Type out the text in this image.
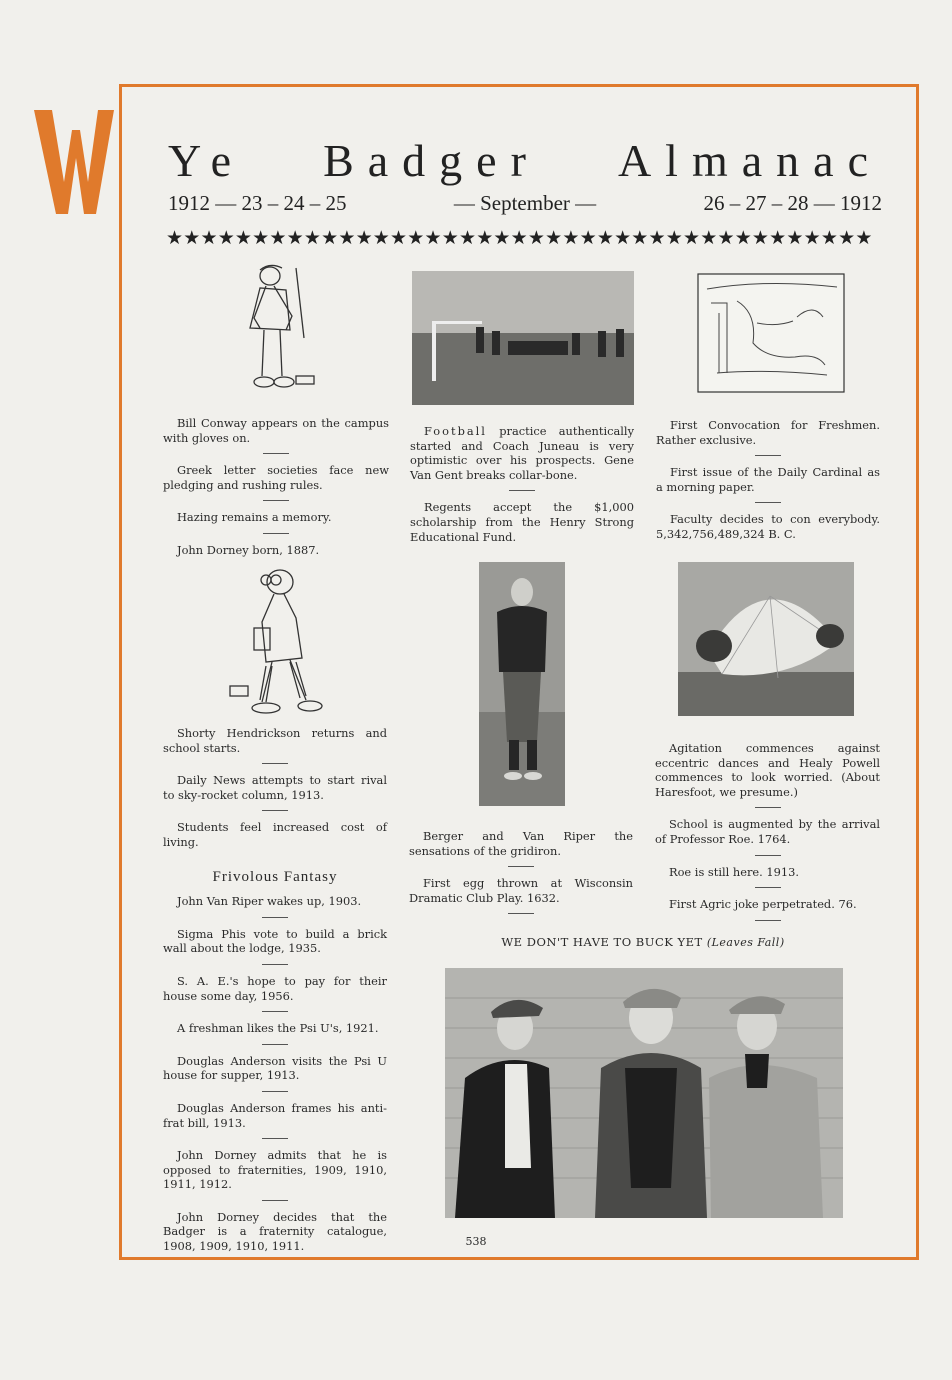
Ye Badger Almanac
1912 — 23 – 24 – 25	— September —	26 – 27 – 28 — 1912
★★★★★★★★★★★★★★★★★★★★★★★★★★★★★★★★★★★★★★★★★

Bill Conway appears on the campus with gloves on.

Greek letter societies face new pledging and rushing rules.

Hazing remains a memory.

John Dorney born, 1887.

Shorty Hendrickson returns and school starts.

Daily News attempts to start rival to sky-rocket column, 1913.

Students feel increased cost of living.

Frivolous Fantasy

John Van Riper wakes up, 1903.

Sigma Phis vote to build a brick wall about the lodge, 1935.

S. A. E.'s hope to pay for their house some day, 1956.

A freshman likes the Psi U's, 1921.

Douglas Anderson visits the Psi U house for supper, 1913.

Douglas Anderson frames his anti-frat bill, 1913.

John Dorney admits that he is opposed to fraternities, 1909, 1910, 1911, 1912.

John Dorney decides that the Badger is a fraternity catalogue, 1908, 1909, 1910, 1911.

Football practice authentically started and Coach Juneau is very optimistic over his prospects. Gene Van Gent breaks collar-bone.

Regents accept the $1,000 scholarship from the Henry Strong Educational Fund.

Berger and Van Riper the sensations of the gridiron.

First egg thrown at Wisconsin Dramatic Club Play. 1632.

First Convocation for Freshmen. Rather exclusive.

First issue of the Daily Cardinal as a morning paper.

Faculty decides to con everybody. 5,342,756,489,324 B. C.

Agitation commences against eccentric dances and Healy Powell commences to look worried. (About Haresfoot, we presume.)

School is augmented by the arrival of Professor Roe. 1764.

Roe is still here. 1913.

First Agric joke perpetrated. 76.

WE DON'T HAVE TO BUCK YET (Leaves Fall)
538
